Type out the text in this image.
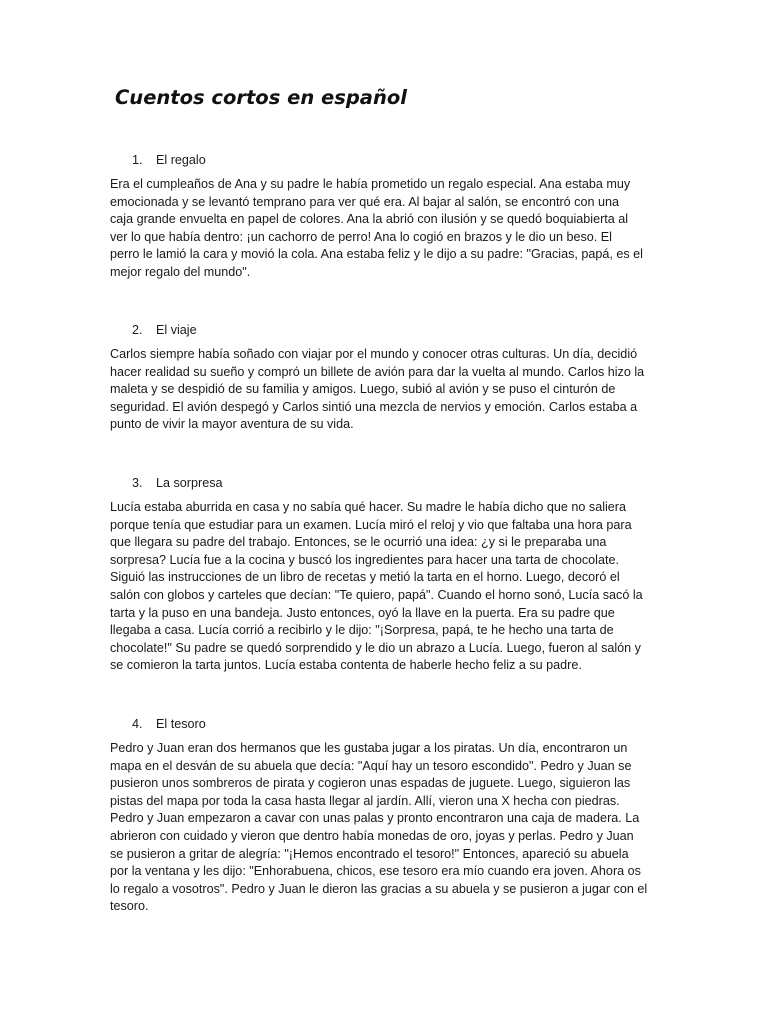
Cuentos cortos en español
1.	El regalo

Era el cumpleaños de Ana y su padre le había prometido un regalo especial. Ana estaba muy
emocionada y se levantó temprano para ver qué era. Al bajar al salón, se encontró con una
caja grande envuelta en papel de colores. Ana la abrió con ilusión y se quedó boquiabierta al
ver lo que había dentro: ¡un cachorro de perro! Ana lo cogió en brazos y le dio un beso. El
perro le lamió la cara y movió la cola. Ana estaba feliz y le dijo a su padre: "Gracias, papá, es el
mejor regalo del mundo".

2.	El viaje

Carlos siempre había soñado con viajar por el mundo y conocer otras culturas. Un día, decidió
hacer realidad su sueño y compró un billete de avión para dar la vuelta al mundo. Carlos hizo la
maleta y se despidió de su familia y amigos. Luego, subió al avión y se puso el cinturón de
seguridad. El avión despegó y Carlos sintió una mezcla de nervios y emoción. Carlos estaba a
punto de vivir la mayor aventura de su vida.

3.	La sorpresa

Lucía estaba aburrida en casa y no sabía qué hacer. Su madre le había dicho que no saliera
porque tenía que estudiar para un examen. Lucía miró el reloj y vio que faltaba una hora para
que llegara su padre del trabajo. Entonces, se le ocurrió una idea: ¿y si le preparaba una
sorpresa? Lucía fue a la cocina y buscó los ingredientes para hacer una tarta de chocolate.
Siguió las instrucciones de un libro de recetas y metió la tarta en el horno. Luego, decoró el
salón con globos y carteles que decían: "Te quiero, papá". Cuando el horno sonó, Lucía sacó la
tarta y la puso en una bandeja. Justo entonces, oyó la llave en la puerta. Era su padre que
llegaba a casa. Lucía corrió a recibirlo y le dijo: "¡Sorpresa, papá, te he hecho una tarta de
chocolate!" Su padre se quedó sorprendido y le dio un abrazo a Lucía. Luego, fueron al salón y
se comieron la tarta juntos. Lucía estaba contenta de haberle hecho feliz a su padre.

4.	El tesoro

Pedro y Juan eran dos hermanos que les gustaba jugar a los piratas. Un día, encontraron un
mapa en el desván de su abuela que decía: "Aquí hay un tesoro escondido". Pedro y Juan se
pusieron unos sombreros de pirata y cogieron unas espadas de juguete. Luego, siguieron las
pistas del mapa por toda la casa hasta llegar al jardín. Allí, vieron una X hecha con piedras.
Pedro y Juan empezaron a cavar con unas palas y pronto encontraron una caja de madera. La
abrieron con cuidado y vieron que dentro había monedas de oro, joyas y perlas. Pedro y Juan
se pusieron a gritar de alegría: "¡Hemos encontrado el tesoro!" Entonces, apareció su abuela
por la ventana y les dijo: "Enhorabuena, chicos, ese tesoro era mío cuando era joven. Ahora os
lo regalo a vosotros". Pedro y Juan le dieron las gracias a su abuela y se pusieron a jugar con el
tesoro.
